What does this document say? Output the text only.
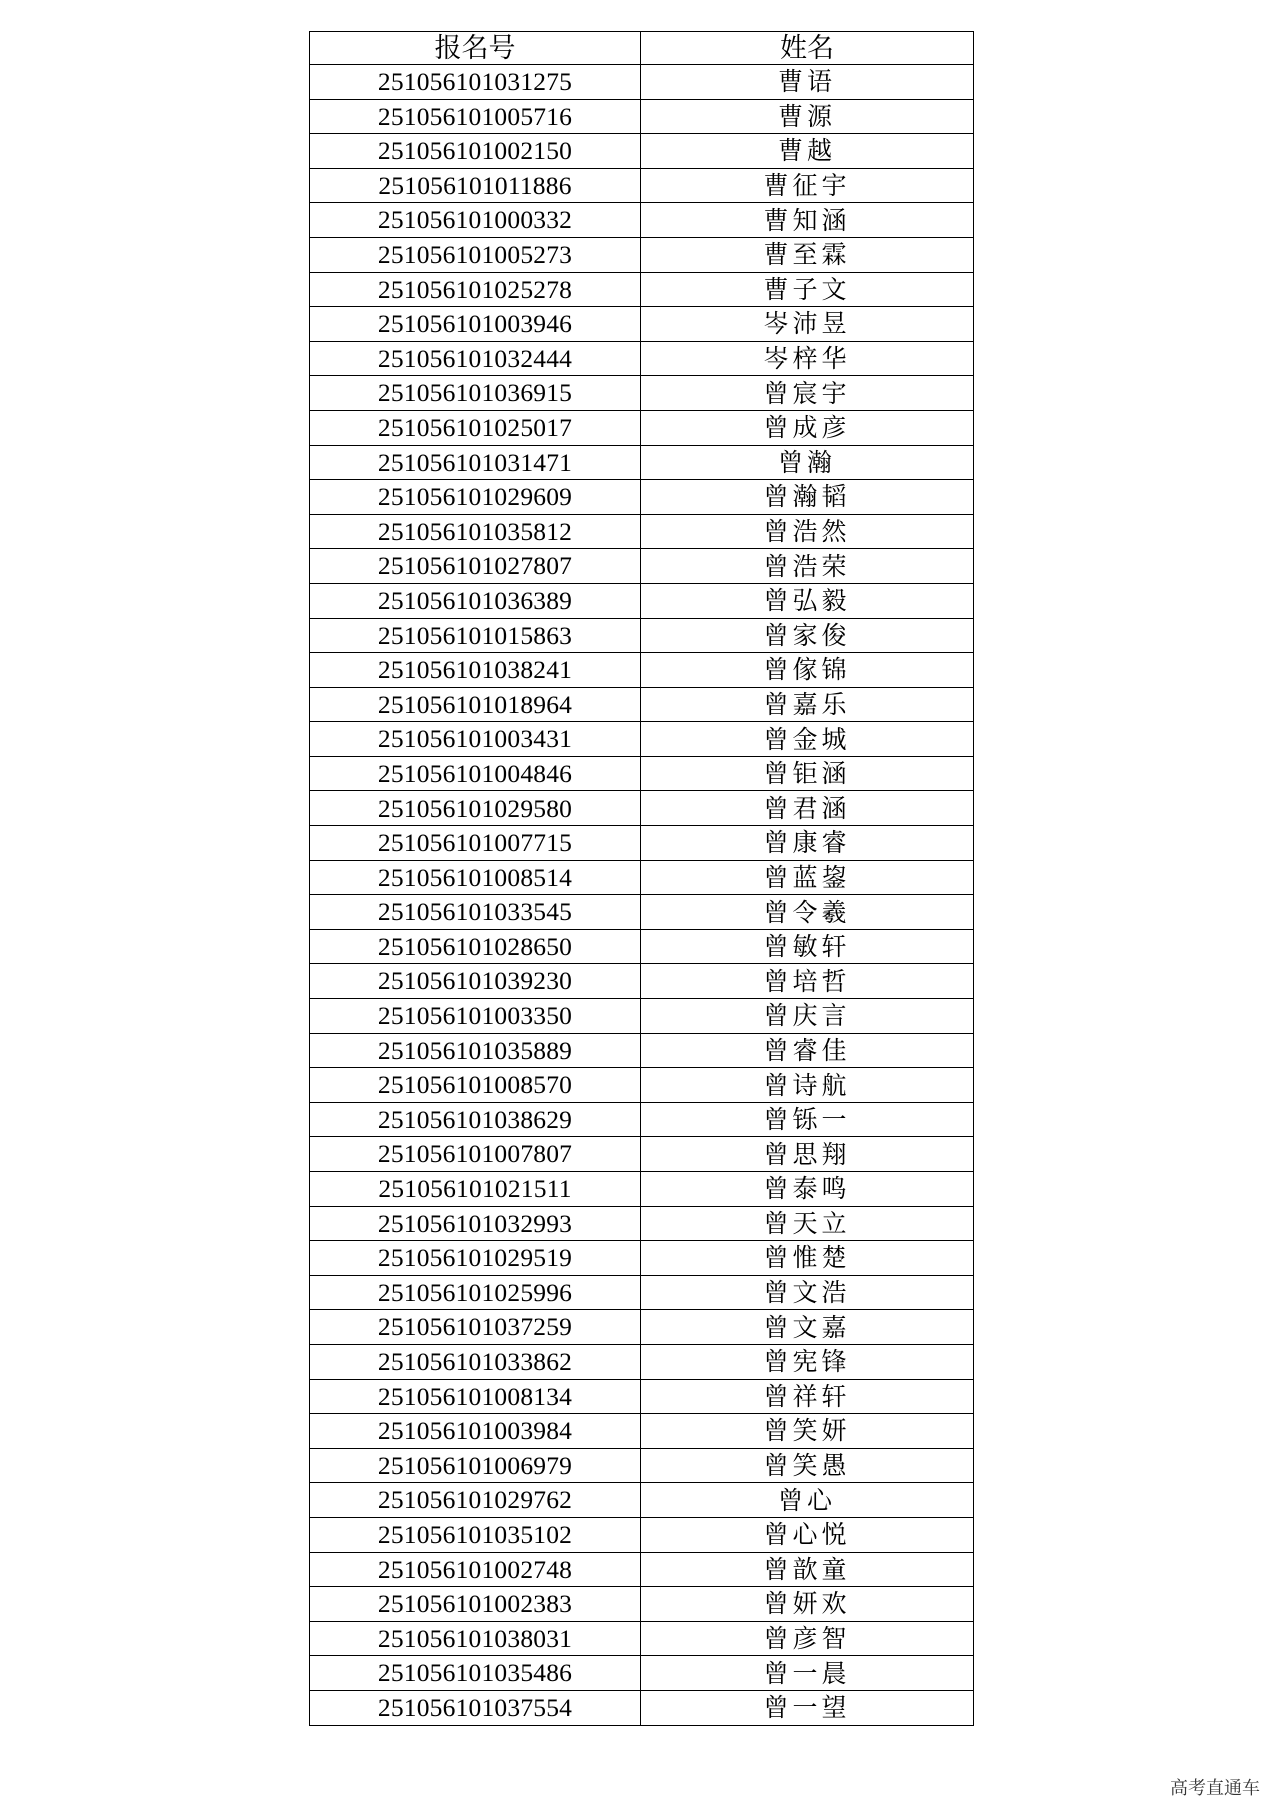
报名号	姓名
251056101031275	曹语
251056101005716	曹源
251056101002150	曹越
251056101011886	曹征宇
251056101000332	曹知涵
251056101005273	曹至霖
251056101025278	曹子文
251056101003946	岑沛昱
251056101032444	岑梓华
251056101036915	曾宸宇
251056101025017	曾成彦
251056101031471	曾瀚
251056101029609	曾瀚韬
251056101035812	曾浩然
251056101027807	曾浩荣
251056101036389	曾弘毅
251056101015863	曾家俊
251056101038241	曾傢锦
251056101018964	曾嘉乐
251056101003431	曾金城
251056101004846	曾钜涵
251056101029580	曾君涵
251056101007715	曾康睿
251056101008514	曾蓝鋆
251056101033545	曾令羲
251056101028650	曾敏轩
251056101039230	曾培哲
251056101003350	曾庆言
251056101035889	曾睿佳
251056101008570	曾诗航
251056101038629	曾铄一
251056101007807	曾思翔
251056101021511	曾泰鸣
251056101032993	曾天立
251056101029519	曾惟楚
251056101025996	曾文浩
251056101037259	曾文嘉
251056101033862	曾宪锋
251056101008134	曾祥轩
251056101003984	曾笑妍
251056101006979	曾笑愚
251056101029762	曾心
251056101035102	曾心悦
251056101002748	曾歆童
251056101002383	曾妍欢
251056101038031	曾彦智
251056101035486	曾一晨
251056101037554	曾一望
高考直通车
